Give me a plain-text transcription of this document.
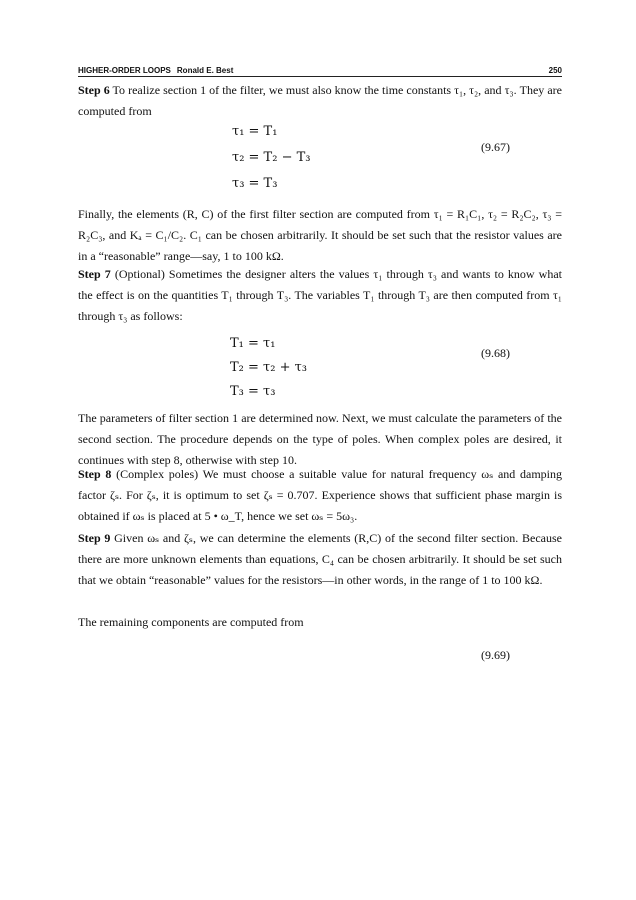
HIGHER-ORDER LOOPS Ronald E. Best	250
Step 6 To realize section 1 of the filter, we must also know the time constants τ₁, τ₂, and τ₃. They are computed from
τ₁ = T₁
τ₂ = T₂ − T₃
τ₃ = T₃
(9.67)
Finally, the elements (R, C) of the first filter section are computed from τ₁ = R₁C₁, τ₂ = R₂C₂, τ₃ = R₂C₃, and Kₐ = C₁/C₂. C₁ can be chosen arbitrarily. It should be set such that the resistor values are in a “reasonable” range—say, 1 to 100 kΩ.
Step 7 (Optional) Sometimes the designer alters the values τ₁ through τ₃ and wants to know what the effect is on the quantities T₁ through T₃. The variables T₁ through T₃ are then computed from τ₁ through τ₃ as follows:
T₁ = τ₁
T₂ = τ₂ + τ₃
T₃ = τ₃
(9.68)
The parameters of filter section 1 are determined now. Next, we must calculate the parameters of the second section. The procedure depends on the type of poles. When complex poles are desired, it continues with step 8, otherwise with step 10.
Step 8 (Complex poles) We must choose a suitable value for natural frequency ωₛ and damping factor ζₛ. For ζₛ, it is optimum to set ζₛ = 0.707. Experience shows that sufficient phase margin is obtained if ωₛ is placed at 5 • ω_T, hence we set ωₛ = 5ω₃.
Step 9 Given ωₛ and ζₛ, we can determine the elements (R,C) of the second filter section. Because there are more unknown elements than equations, C₄ can be chosen arbitrarily. It should be set such that we obtain “reasonable” values for the resistors—in other words, in the range of 1 to 100 kΩ.
The remaining components are computed from
(9.69)
